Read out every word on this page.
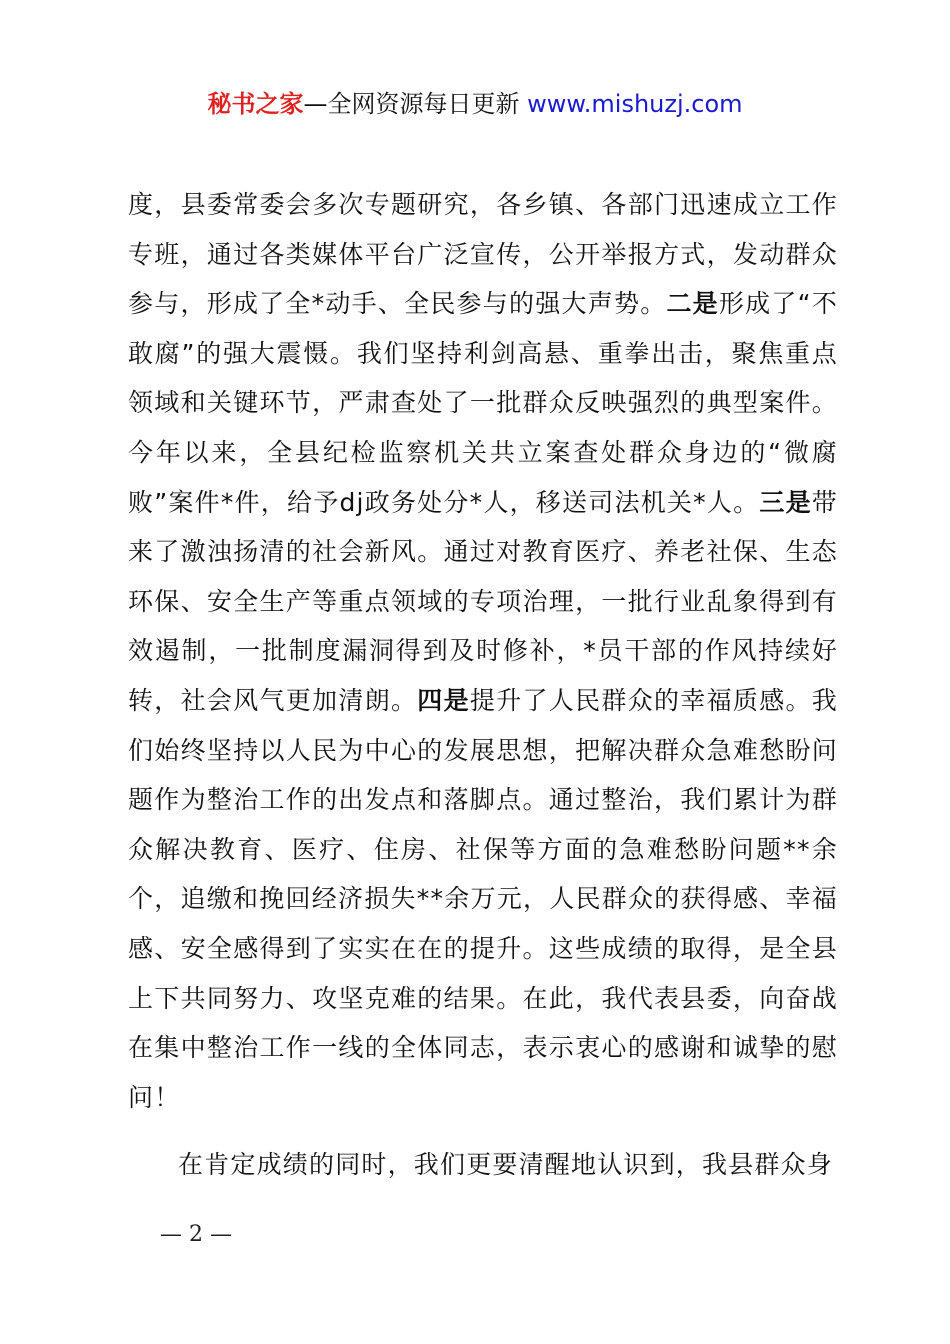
秘书之家—全网资源每日更新 www.mishuzj.com

度，县委常委会多次专题研究，各乡镇、各部门迅速成立工作专班，通过各类媒体平台广泛宣传，公开举报方式，发动群众参与，形成了全*动手、全民参与的强大声势。二是形成了“不敢腐”的强大震慑。我们坚持利剑高悬、重拳出击，聚焦重点领域和关键环节，严肃查处了一批群众反映强烈的典型案件。今年以来，全县纪检监察机关共立案查处群众身边的“微腐败”案件*件，给予dj政务处分*人，移送司法机关*人。三是带来了激浊扬清的社会新风。通过对教育医疗、养老社保、生态环保、安全生产等重点领域的专项治理，一批行业乱象得到有效遏制，一批制度漏洞得到及时修补，*员干部的作风持续好转，社会风气更加清朗。四是提升了人民群众的幸福质感。我们始终坚持以人民为中心的发展思想，把解决群众急难愁盼问题作为整治工作的出发点和落脚点。通过整治，我们累计为群众解决教育、医疗、住房、社保等方面的急难愁盼问题**余个，追缴和挽回经济损失**余万元，人民群众的获得感、幸福感、安全感得到了实实在在的提升。这些成绩的取得，是全县上下共同努力、攻坚克难的结果。在此，我代表县委，向奋战在集中整治工作一线的全体同志，表示衷心的感谢和诚挚的慰问！

在肯定成绩的同时，我们更要清醒地认识到，我县群众身

— 2 —
